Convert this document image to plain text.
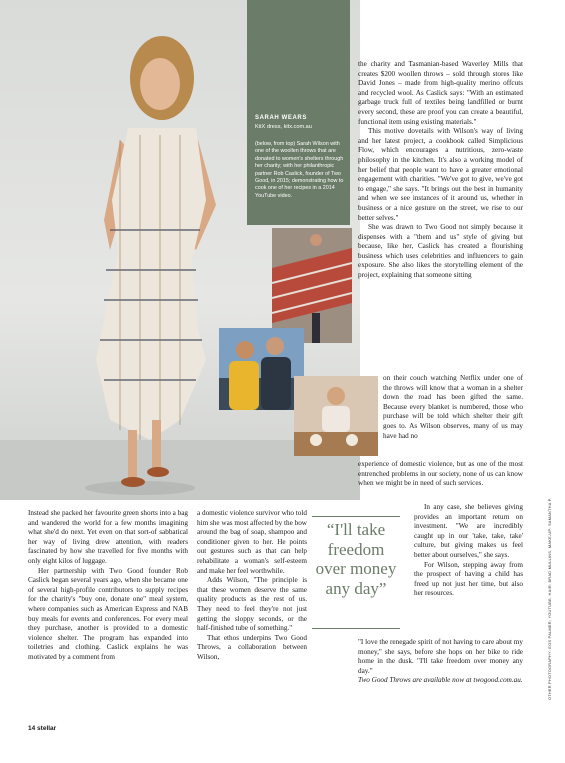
SARAH WEARS
KitX dress, kitx.com.au
(below, from top) Sarah Wilson with one of the woollen throws that are donated to women's shelters through her charity; with her philanthropic partner Rob Caslick, founder of Two Good, in 2015; demonstrating how to cook one of her recipes in a 2014 YouTube video.

Instead she packed her favourite green shorts into a bag and wandered the world for a few months imagining what she'd do next. Yet even on that sort-of sabbatical her way of living drew attention, with readers fascinated by how she travelled for five months with only eight kilos of luggage.

Her partnership with Two Good founder Rob Caslick began several years ago, when she became one of several high-profile contributors to supply recipes for the charity's "buy one, donate one" meal system, where companies such as American Express and NAB buy meals for events and conferences. For every meal they purchase, another is provided to a domestic violence shelter. The program has expanded into toiletries and clothing. Caslick explains he was motivated by a comment from

a domestic violence survivor who told him she was most affected by the bow around the bag of soap, shampoo and conditioner given to her. He points out gestures such as that can help rehabilitate a woman's self-esteem and make her feel worthwhile.

Adds Wilson, "The principle is that these women deserve the same quality products as the rest of us. They need to feel they're not just getting the sloppy seconds, or the half-finished tube of something."

That ethos underpins Two Good Throws, a collaboration between Wilson,

“I'll take freedom over money any day”

the charity and Tasmanian-based Waverley Mills that creates $200 woollen throws – sold through stores like David Jones – made from high-quality merino offcuts and recycled wool. As Caslick says: "With an estimated garbage truck full of textiles being landfilled or burnt every second, these are proof you can create a beautiful, functional item using existing materials."

This motive dovetails with Wilson's way of living and her latest project, a cookbook called Simplicious Flow, which encourages a nutritious, zero-waste philosophy in the kitchen. It's also a working model of her belief that people want to have a greater emotional engagement with charities. "We've got to give, we've got to engage," she says. "It brings out the best in humanity and when we see instances of it around us, whether in business or a nice gesture on the street, we rise to our better selves."

She was drawn to Two Good not simply because it dispenses with a "them and us" style of giving but because, like her, Caslick has created a flourishing business which uses celebrities and influencers to gain exposure. She also likes the storytelling element of the project, explaining that someone sitting

on their couch watching Netflix under one of the throws will know that a woman in a shelter down the road has been gifted the same. Because every blanket is numbered, those who purchase will be told which shelter their gift goes to. As Wilson observes, many of us may have had no

experience of domestic violence, but as one of the most entrenched problems in our society, none of us can know when we might be in need of such services.

In any case, she believes giving provides an important return on investment. "We are incredibly caught up in our 'take, take, take' culture, but giving makes us feel better about ourselves," she says.

For Wilson, stepping away from the prospect of having a child has freed up not just her time, but also her resources.

"I love the renegade spirit of not having to care about my money," she says, before she hops on her bike to ride home in the dusk. "I'll take freedom over money any day."

Two Good Throws are available now at twogood.com.au.

14 stellar
OTHER PHOTOGRAPHY: EOS PALMER; YOUTUBE. HAIR: BRAD MULLINS. MAKE-UP: SAMANTHA P.
